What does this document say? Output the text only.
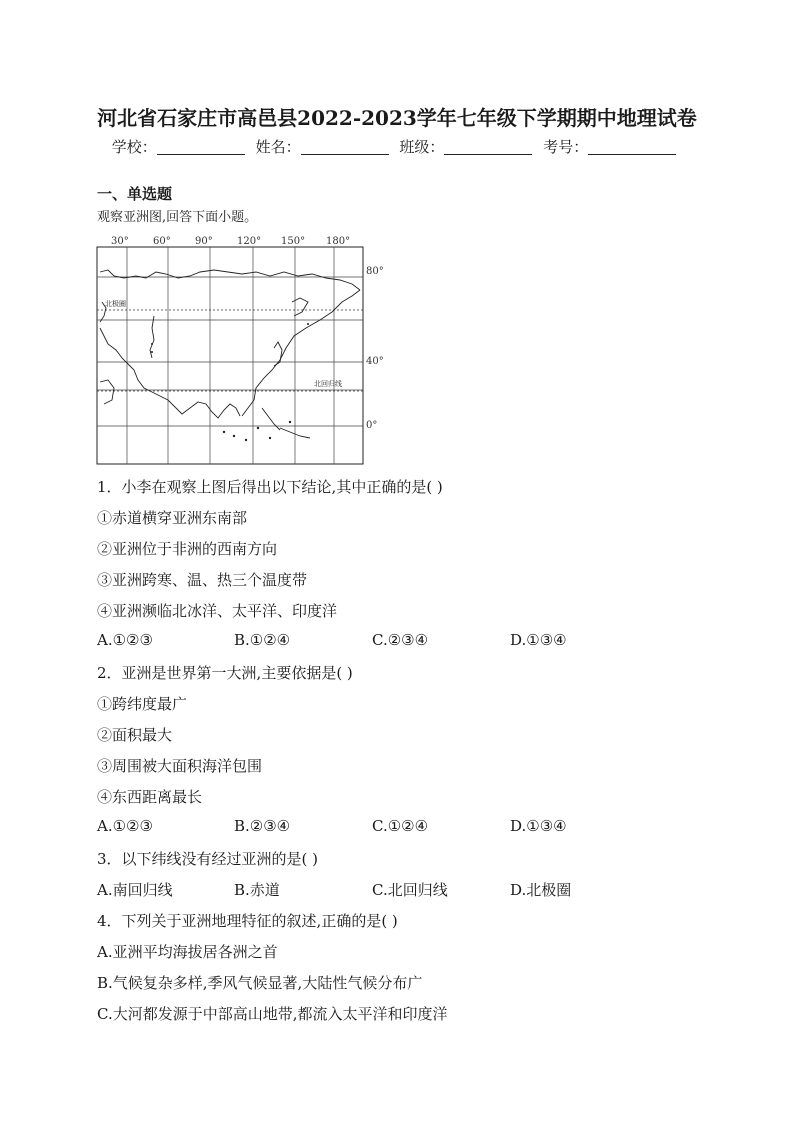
河北省石家庄市高邑县2022-2023学年七年级下学期期中地理试卷
学校：	姓名：	班级：	考号：
一、单选题
观察亚洲图,回答下面小题。
30° 60° 90° 120° 150° 180°
80°
40°
0°
北极圈
北回归线
1．小李在观察上图后得出以下结论,其中正确的是( )
①赤道横穿亚洲东南部
②亚洲位于非洲的西南方向
③亚洲跨寒、温、热三个温度带
④亚洲濒临北冰洋、太平洋、印度洋
A.①②③	B.①②④	C.②③④	D.①③④
2．亚洲是世界第一大洲,主要依据是( )
①跨纬度最广
②面积最大
③周围被大面积海洋包围
④东西距离最长
A.①②③	B.②③④	C.①②④	D.①③④
3．以下纬线没有经过亚洲的是( )
A.南回归线	B.赤道	C.北回归线	D.北极圈
4．下列关于亚洲地理特征的叙述,正确的是( )
A.亚洲平均海拔居各洲之首
B.气候复杂多样,季风气候显著,大陆性气候分布广
C.大河都发源于中部高山地带,都流入太平洋和印度洋
